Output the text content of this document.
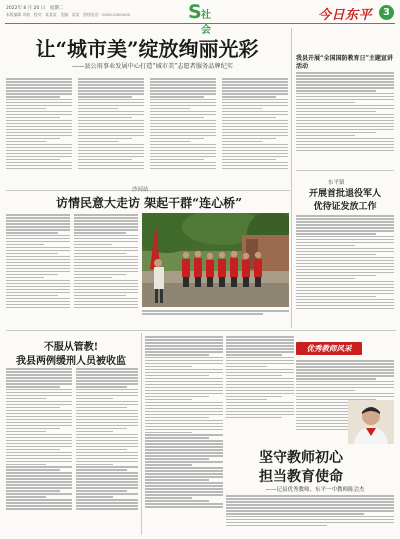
2022年 8 月 20 日　星期二
本版编辑 刘敏　校对：某某某　美编：某某　热线电话：0000-0000000	S 社会
今日东平	3
让“城市美”绽放绚丽光彩
——县公用事业发展中心打造“城市美”志愿者服务品牌纪实
沙河站
访情民意大走访 架起干群“连心桥”
我县开展“全国国防教育日”主题宣讲活动
东平镇
开展首批退役军人
优待证发放工作
不服从管教!
我县两例缓刑人员被收监
优秀教师风采
坚守教师初心
担当教育使命
——记县优秀教师、东平一中教师陈会杰
